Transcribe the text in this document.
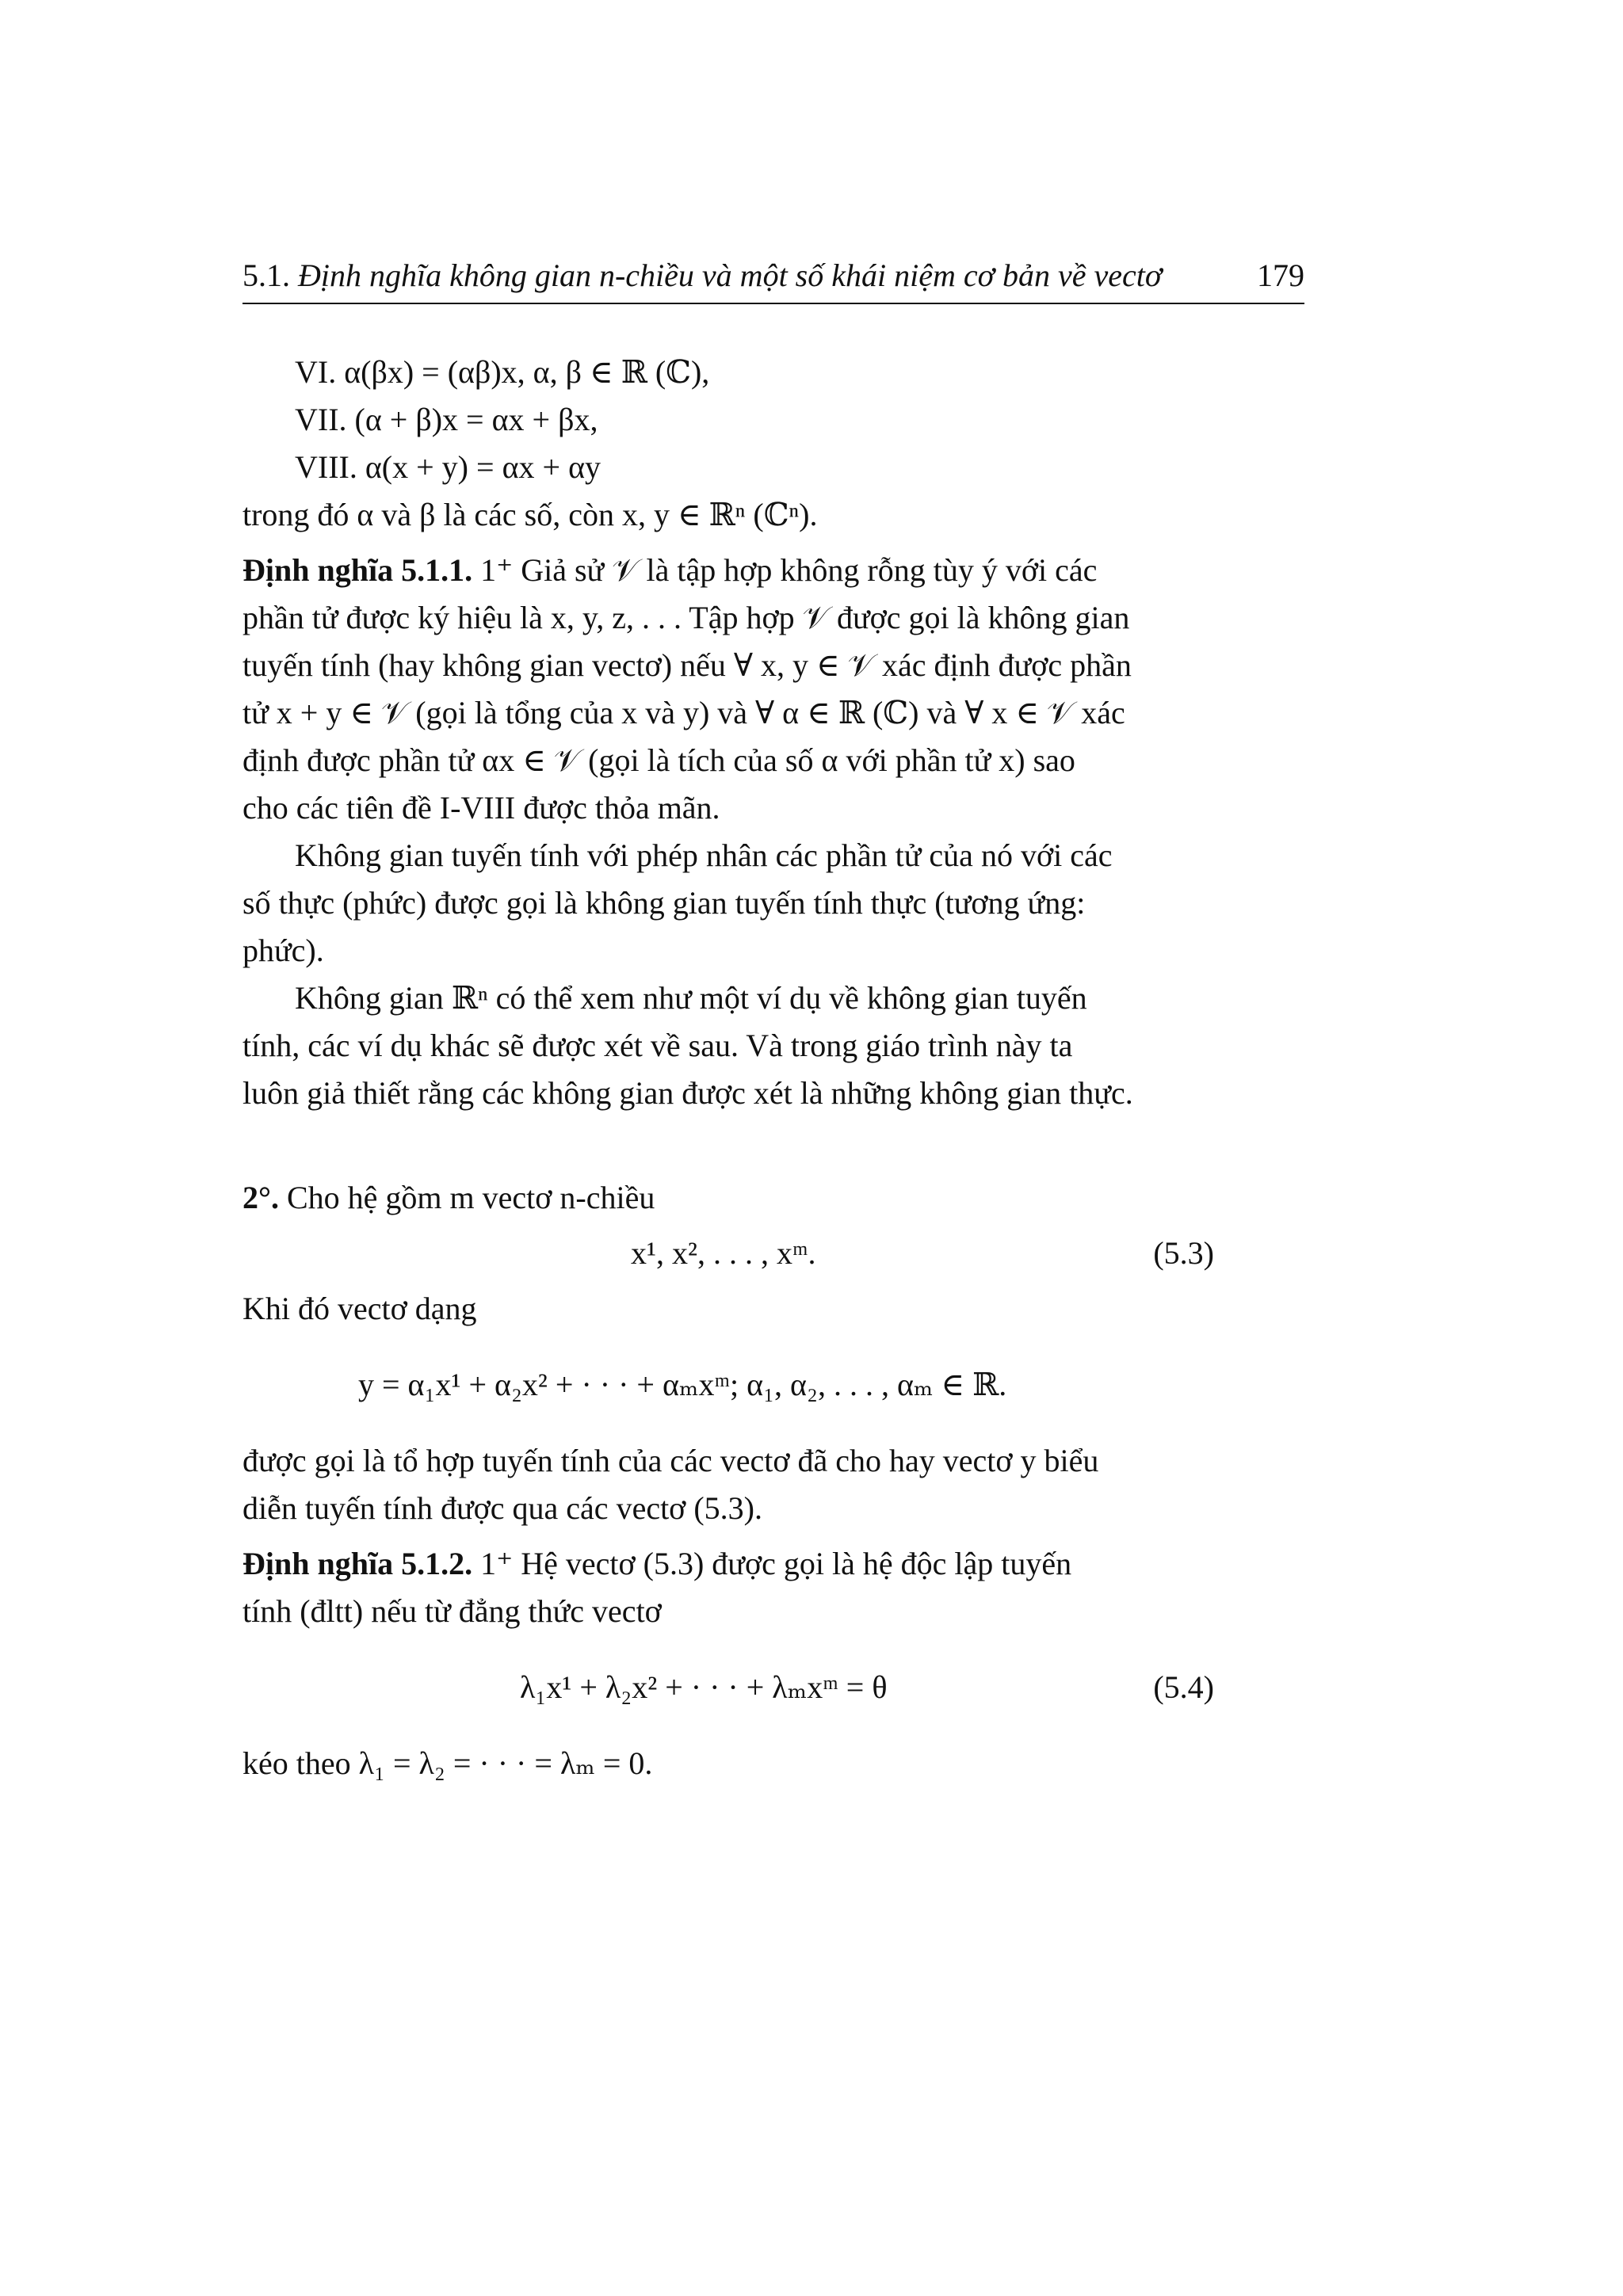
5.1. Định nghĩa không gian n-chiều và một số khái niệm cơ bản về vectơ	179
VI. α(βx) = (αβ)x, α, β ∈ ℝ (ℂ),
VII. (α + β)x = αx + βx,
VIII. α(x + y) = αx + αy
trong đó α và β là các số, còn x, y ∈ ℝⁿ (ℂⁿ).
Định nghĩa 5.1.1. 1⁺ Giả sử 𝒱 là tập hợp không rỗng tùy ý với các
phần tử được ký hiệu là x, y, z, . . . Tập hợp 𝒱 được gọi là không gian
tuyến tính (hay không gian vectơ) nếu ∀ x, y ∈ 𝒱 xác định được phần
tử x + y ∈ 𝒱 (gọi là tổng của x và y) và ∀ α ∈ ℝ (ℂ) và ∀ x ∈ 𝒱 xác
định được phần tử αx ∈ 𝒱 (gọi là tích của số α với phần tử x) sao
cho các tiên đề I-VIII được thỏa mãn.
Không gian tuyến tính với phép nhân các phần tử của nó với các
số thực (phức) được gọi là không gian tuyến tính thực (tương ứng:
phức).
Không gian ℝⁿ có thể xem như một ví dụ về không gian tuyến
tính, các ví dụ khác sẽ được xét về sau. Và trong giáo trình này ta
luôn giả thiết rằng các không gian được xét là những không gian thực.
2°. Cho hệ gồm m vectơ n-chiều
x¹, x², . . . , xᵐ.	(5.3)
Khi đó vectơ dạng
y = α₁x¹ + α₂x² + · · · + αₘxᵐ; α₁, α₂, . . . , αₘ ∈ ℝ.
được gọi là tổ hợp tuyến tính của các vectơ đã cho hay vectơ y biểu
diễn tuyến tính được qua các vectơ (5.3).
Định nghĩa 5.1.2. 1⁺ Hệ vectơ (5.3) được gọi là hệ độc lập tuyến
tính (đltt) nếu từ đẳng thức vectơ
λ₁x¹ + λ₂x² + · · · + λₘxᵐ = θ	(5.4)
kéo theo λ₁ = λ₂ = · · · = λₘ = 0.
